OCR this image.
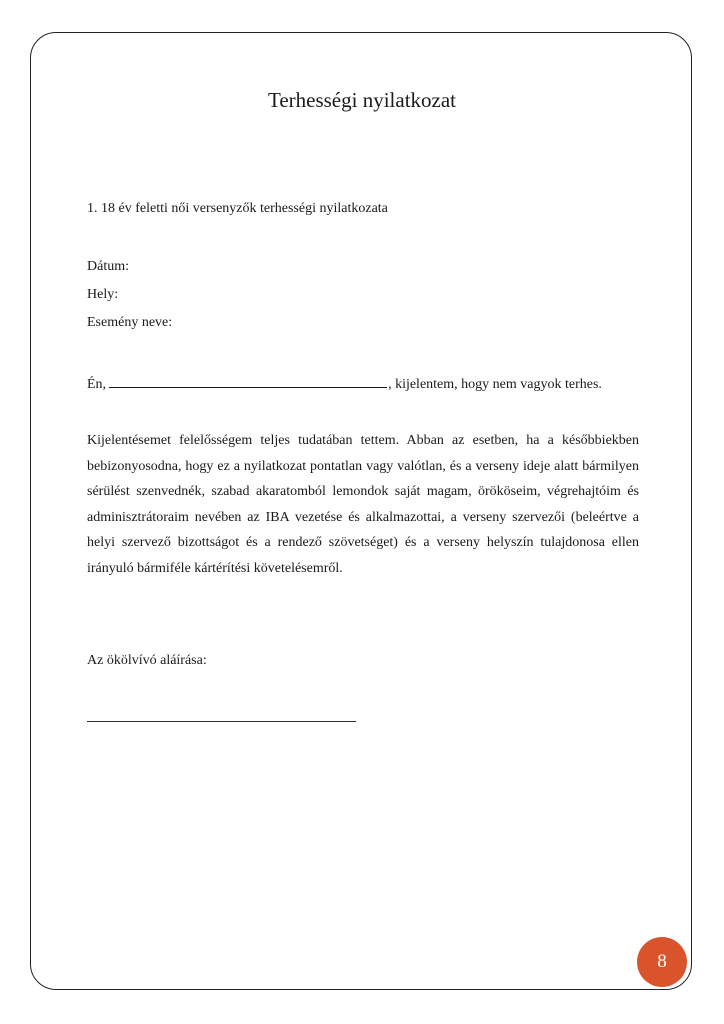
Terhességi nyilatkozat
1. 18 év feletti női versenyzők terhességi nyilatkozata
Dátum:
Hely:
Esemény neve:
Én,	, kijelentem, hogy nem vagyok terhes.
Kijelentésemet felelősségem teljes tudatában tettem. Abban az esetben, ha a későbbiekben bebizonyosodna, hogy ez a nyilatkozat pontatlan vagy valótlan, és a verseny ideje alatt bármilyen sérülést szenvednék, szabad akaratomból lemondok saját magam, örököseim, végrehajtóim és adminisztrátoraim nevében az IBA vezetése és alkalmazottai, a verseny szervezői (beleértve a helyi szervező bizottságot és a rendező szövetséget) és a verseny helyszín tulajdonosa ellen irányuló bármiféle kártérítési követelésemről.
Az ökölvívó aláírása:
8
